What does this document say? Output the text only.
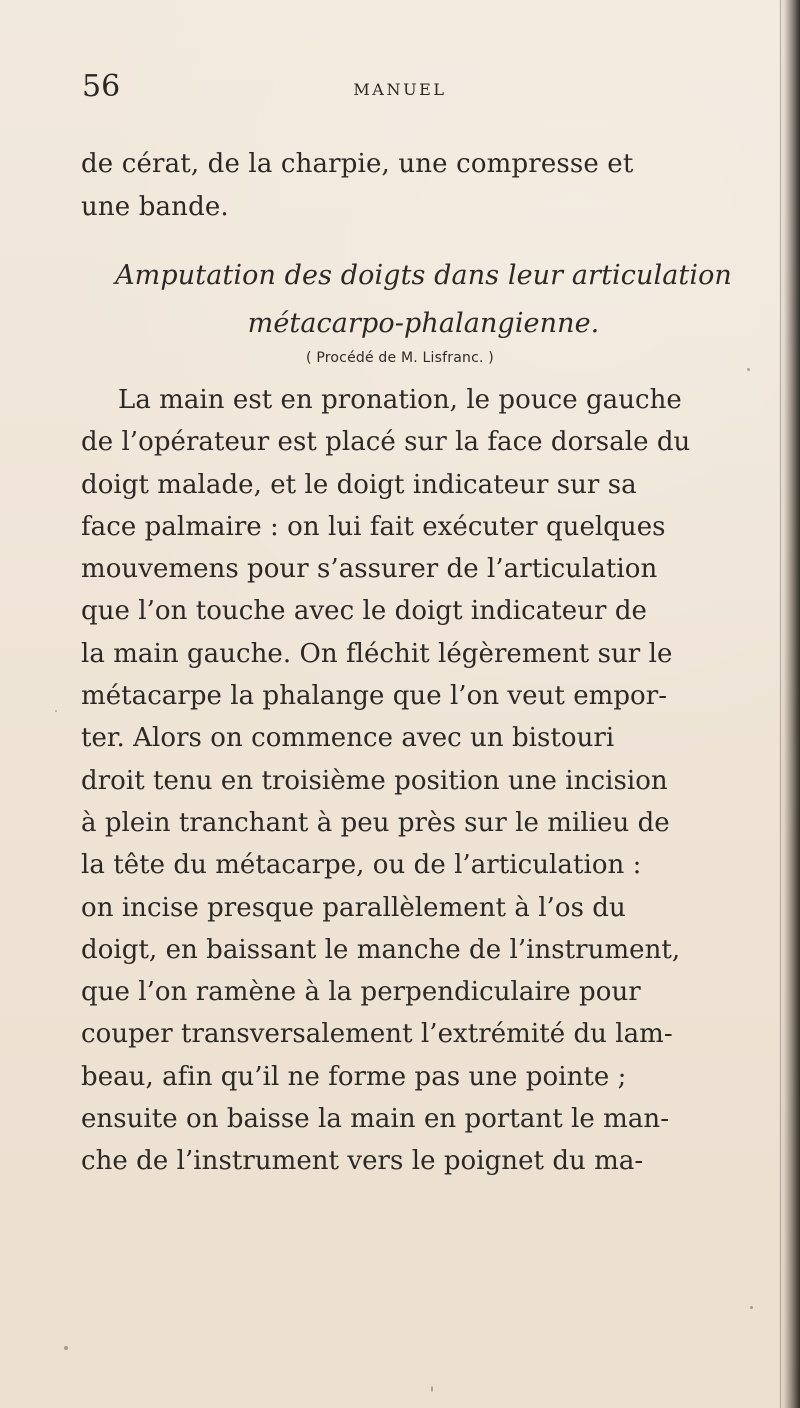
56	MANUEL
de cérat, de la charpie, une compresse et
une bande.
Amputation des doigts dans leur articulation
métacarpo-phalangienne.
( Procédé de M. Lisfranc. )
La main est en pronation, le pouce gauche
de l’opérateur est placé sur la face dorsale du
doigt malade, et le doigt indicateur sur sa
face palmaire : on lui fait exécuter quelques
mouvemens pour s’assurer de l’articulation
que l’on touche avec le doigt indicateur de
la main gauche. On fléchit légèrement sur le
métacarpe la phalange que l’on veut empor-
ter. Alors on commence avec un bistouri
droit tenu en troisième position une incision
à plein tranchant à peu près sur le milieu de
la tête du métacarpe, ou de l’articulation :
on incise presque parallèlement à l’os du
doigt, en baissant le manche de l’instrument,
que l’on ramène à la perpendiculaire pour
couper transversalement l’extrémité du lam-
beau, afin qu’il ne forme pas une pointe ;
ensuite on baisse la main en portant le man-
che de l’instrument vers le poignet du ma-
